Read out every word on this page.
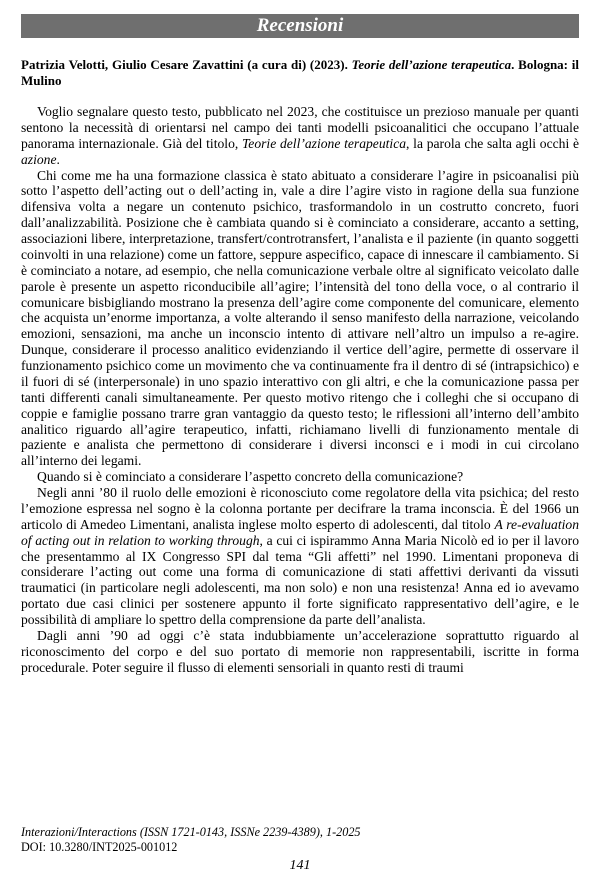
Recensioni
Patrizia Velotti, Giulio Cesare Zavattini (a cura di) (2023). Teorie dell’azione terapeutica. Bologna: il Mulino

Voglio segnalare questo testo, pubblicato nel 2023, che costituisce un prezioso manuale per quanti sentono la necessità di orientarsi nel campo dei tanti modelli psicoanalitici che occupano l’attuale panorama internazionale. Già del titolo, Teorie dell’azione terapeutica, la parola che salta agli occhi è azione.

Chi come me ha una formazione classica è stato abituato a considerare l’agire in psicoanalisi più sotto l’aspetto dell’acting out o dell’acting in, vale a dire l’agire visto in ragione della sua funzione difensiva volta a negare un contenuto psichico, trasformandolo in un costrutto concreto, fuori dall’analizzabilità. Posizione che è cambiata quando si è cominciato a considerare, accanto a setting, associazioni libere, interpretazione, transfert/controtransfert, l’analista e il paziente (in quanto soggetti coinvolti in una relazione) come un fattore, seppure aspecifico, capace di innescare il cambiamento. Si è cominciato a notare, ad esempio, che nella comunicazione verbale oltre al significato veicolato dalle parole è presente un aspetto riconducibile all’agire; l’intensità del tono della voce, o al contrario il comunicare bisbigliando mostrano la presenza dell’agire come componente del comunicare, elemento che acquista un’enorme importanza, a volte alterando il senso manifesto della narrazione, veicolando emozioni, sensazioni, ma anche un inconscio intento di attivare nell’altro un impulso a re-agire. Dunque, considerare il processo analitico evidenziando il vertice dell’agire, permette di osservare il funzionamento psichico come un movimento che va continuamente fra il dentro di sé (intrapsichico) e il fuori di sé (interpersonale) in uno spazio interattivo con gli altri, e che la comunicazione passa per tanti differenti canali simultaneamente. Per questo motivo ritengo che i colleghi che si occupano di coppie e famiglie possano trarre gran vantaggio da questo testo; le riflessioni all’interno dell’ambito analitico riguardo all’agire terapeutico, infatti, richiamano livelli di funzionamento mentale di paziente e analista che permettono di considerare i diversi inconsci e i modi in cui circolano all’interno dei legami.

Quando si è cominciato a considerare l’aspetto concreto della comunicazione?

Negli anni ’80 il ruolo delle emozioni è riconosciuto come regolatore della vita psichica; del resto l’emozione espressa nel sogno è la colonna portante per decifrare la trama inconscia. È del 1966 un articolo di Amedeo Limentani, analista inglese molto esperto di adolescenti, dal titolo A re-evaluation of acting out in relation to working through, a cui ci ispirammo Anna Maria Nicolò ed io per il lavoro che presentammo al IX Congresso SPI dal tema “Gli affetti” nel 1990. Limentani proponeva di considerare l’acting out come una forma di comunicazione di stati affettivi derivanti da vissuti traumatici (in particolare negli adolescenti, ma non solo) e non una resistenza! Anna ed io avevamo portato due casi clinici per sostenere appunto il forte significato rappresentativo dell’agire, e le possibilità di ampliare lo spettro della comprensione da parte dell’analista.

Dagli anni ’90 ad oggi c’è stata indubbiamente un’accelerazione soprattutto riguardo al riconoscimento del corpo e del suo portato di memorie non rappresentabili, iscritte in forma procedurale. Poter seguire il flusso di elementi sensoriali in quanto resti di traumi

Interazioni/Interactions (ISSN 1721-0143, ISSNe 2239-4389), 1-2025
DOI: 10.3280/INT2025-001012
141
